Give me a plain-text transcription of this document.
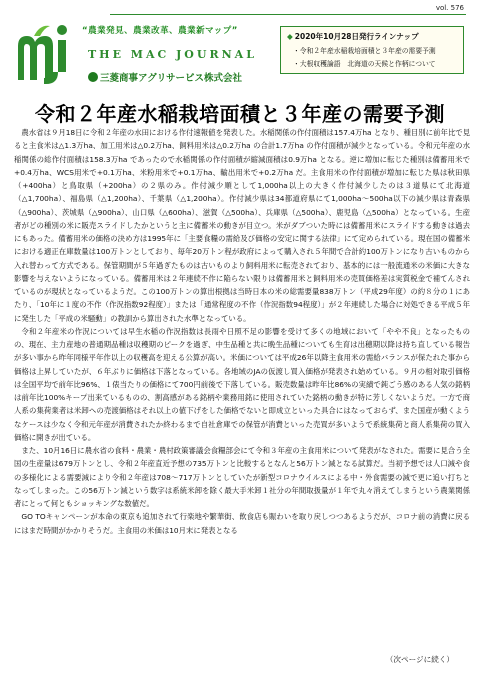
vol. 576
“農業発見、農業改革、農業新マップ”
THE MAC JOURNAL
三菱商事アグリサービス株式会社
◆ 2020年10月28日発行ラインナップ
・令和２年産水稲栽培面積と３年産の需要予測
・大根収穫論語　北海道の天候と作柄について
令和２年産水稲栽培面積と３年産の需要予測

農水省は９月18日に令和２年産の水田における作付速報値を発表した。水稲関係の作付面積は157.4万ha となり、種目別に前年比で見ると主食米は△1.3万ha、加工用米は△0.2万ha、飼料用米は△0.2万ha の合計1.7万ha の作付面積が減少となっている。令和元年産の水稲関係の総作付面積は158.3万ha であったので水稲関係の作付面積が縮減面積は0.9万ha となる。逆に増加に転じた種別は備蓄用米で+0.4万ha、WCS用米で+0.1万ha、米粉用米で+0.1万ha、輸出用米で+0.2万ha だ。主食用米の作付面積が増加に転じた県は秋田県（+400ha）と鳥取県（+200ha）の２県のみ。作付減少順として1,000ha以上の大きく作付減少したのは３道県にて北海道（△1,700ha）、福島県（△1,200ha）、千葉県（△1,200ha）。作付減少県は34都道府県にて1,000ha～500ha以下の減少県は青森県（△900ha）、茨城県（△900ha）、山口県（△600ha）、滋賀（△500ha）、兵庫県（△500ha）、鹿児島（△500ha）となっている。生産者がどの種別の米に販売スライドしたかというと主に備蓄米の動きが目立つ。米がダブついた時には備蓄用米にスライドする動きは過去にもあった。備蓄用米の価格の決め方は1995年に「主要食糧の需給及び価格の安定に関する法律」にて定められている。現在国の備蓄米における適正在庫数量は100万トンとしており、毎年20万トン程が政府によって購入され５年間で合計約100万トンになり古いものから入れ替わって方式である。保管期間が５年過ぎたものは古いものより飼料用米に転売されており、基本的には一般流通米の米価に大きな影響を与えないようになっている。備蓄用米は２年連続不作に陥らない限りは備蓄用米と飼料用米の売買価格差は実質税金で補てんされているのが現状となっているようだ。この100万トンの算出根拠は当時日本の米の総需要量838万トン（平成29年度）の約８分の１にあたり、「10年に１度の不作（作況指数92程度）」または「通常程度の不作（作況指数94程度）」が２年連続した場合に対処できる平成５年に発生した「平成の米騒動」の教訓から算出された水準となっている。

令和２年産米の作況については早生水稲の作況指数は長雨や日照不足の影響を受けて多くの地域において「やや不良」となったものの、現在、主力産地の普通期品種は収穫期のピークを過ぎ、中生品種と共に晩生品種についても生育は出穂期以降は持ち直している報告が多い事から昨年同様平年作以上の収穫高を迎える公算が高い。米価については平成26年以降主食用米の需給バランスが保たれた事から価格は上昇していたが、６年ぶりに価格は下落となっている。各地域のJAの仮渡し買入価格が発表され始めている。９月の相対取引価格は全国平均で前年比96%、１俵当たりの価格にて700円前後で下落している。販売数量は昨年比86%の実績で鈍ごう感のある人気の銘柄は前年比100%キープ出来ているものの、割高感がある銘柄や業務用銘に使用されていた銘柄の動きが特に芳しくないようだ。一方で商人系の集荷業者は米卸への売渡価格はそれ以上の値下げをした価格でないと即成立といった具合にはなっておらず、また国産が動くようなケースは少なく令和元年産が消費されたか終わるまで自社倉庫での保管が消費といった売買が多いようで系統集荷と商人系集荷の買入価格に開きが出ている。

また、10月16日に農水省の食料・農業・農村政策審議会食糧部会にて令和３年産の主食用米について発表がなされた。需要に見合う全国の生産量は679万トンとし、令和２年産直近予想の735万トンと比較するとなんと56万トン減となる試算だ。当初予想では人口減や食の多様化による需要減により令和２年産は708～717万トンとしていたが新型コロナウイルスによる中・外食需要の減で更に追い打ちとなってしまった。この56万トン減という数字は系統米卸を除く最大手米卸１社分の年間取扱量が１年で丸々消えてしまうという農業関係者にとって何ともショッキングな数値だ。

GO TOキャンペーンが本命の東京も追加されて行楽地や繁華街、飲食店も賑わいを取り戻しつつあるようだが、コロナ前の消費に戻るにはまだ時間がかかりそうだ。主食用の米価は10月末に発表となる

（次ページに続く）
